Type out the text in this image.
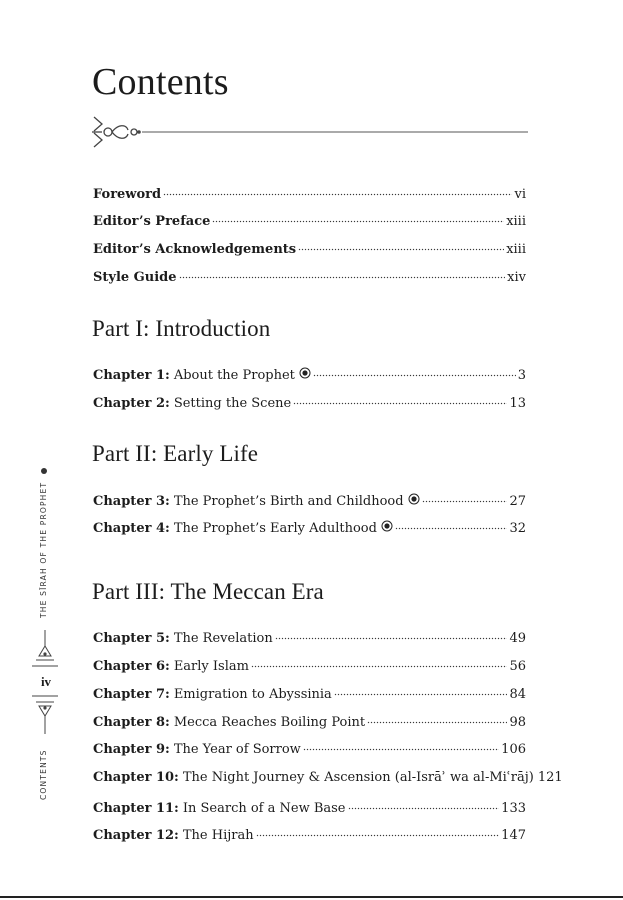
Contents
Foreword	vi
Editor’s Preface	xiii
Editor’s Acknowledgements	xiii
Style Guide	xiv
Part I: Introduction
Chapter 1: About the Prophet	3
Chapter 2: Setting the Scene	13
Part II: Early Life
Chapter 3: The Prophet’s Birth and Childhood	27
Chapter 4: The Prophet’s Early Adulthood	32
Part III: The Meccan Era
Chapter 5: The Revelation	49
Chapter 6: Early Islam	56
Chapter 7: Emigration to Abyssinia	84
Chapter 8: Mecca Reaches Boiling Point	98
Chapter 9: The Year of Sorrow	106
Chapter 10: The Night Journey & Ascension (al-Isrāʾ wa al-Miʿrāj) 121
Chapter 11: In Search of a New Base	133
Chapter 12: The Hijrah	147
THE SĪRAH OF THE PROPHET
iv
CONTENTS
